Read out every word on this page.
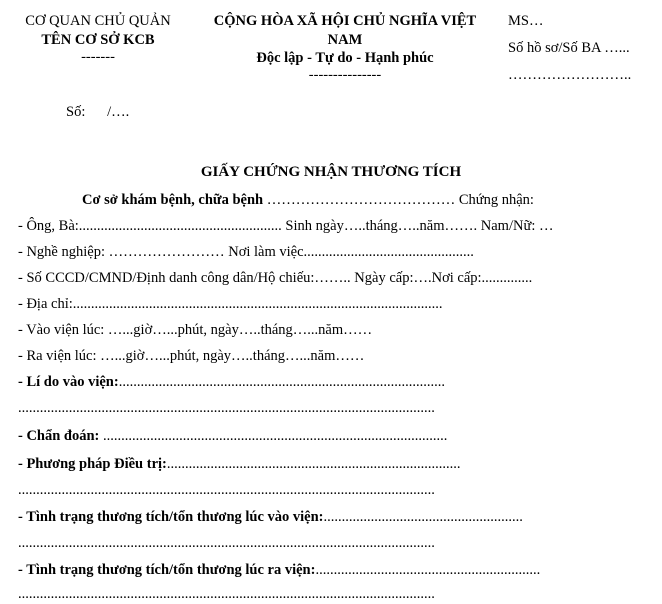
CƠ QUAN CHỦ QUẢN
TÊN CƠ SỞ KCB
-------
CỘNG HÒA XÃ HỘI CHỦ NGHĨA VIỆT
NAM
Độc lập - Tự do - Hạnh phúc
---------------
MS…
Số hồ sơ/Số BA …...
……………………..
Số:      /….
GIẤY CHỨNG NHẬN THƯƠNG TÍCH
Cơ sở khám bệnh, chữa bệnh ………………………………… Chứng nhận:
- Ông, Bà:........................................................ Sinh ngày…..tháng…..năm……. Nam/Nữ: …
- Nghề nghiệp: …………………… Nơi làm việc...............................................
- Số CCCD/CMND/Định danh công dân/Hộ chiếu:…….. Ngày cấp:….Nơi cấp:..............
- Địa chỉ:......................................................................................................
- Vào viện lúc: …...giờ…...phút, ngày…..tháng…...năm……
- Ra viện lúc: …...giờ…...phút, ngày…..tháng…...năm……
- Lí do vào viện:..........................................................................................
...................................................................................................................
- Chẩn đoán: ...............................................................................................
- Phương pháp Điều trị:.................................................................................
...................................................................................................................
- Tình trạng thương tích/tổn thương lúc vào viện:.......................................................
...................................................................................................................
- Tình trạng thương tích/tổn thương lúc ra viện:..............................................................
...................................................................................................................
